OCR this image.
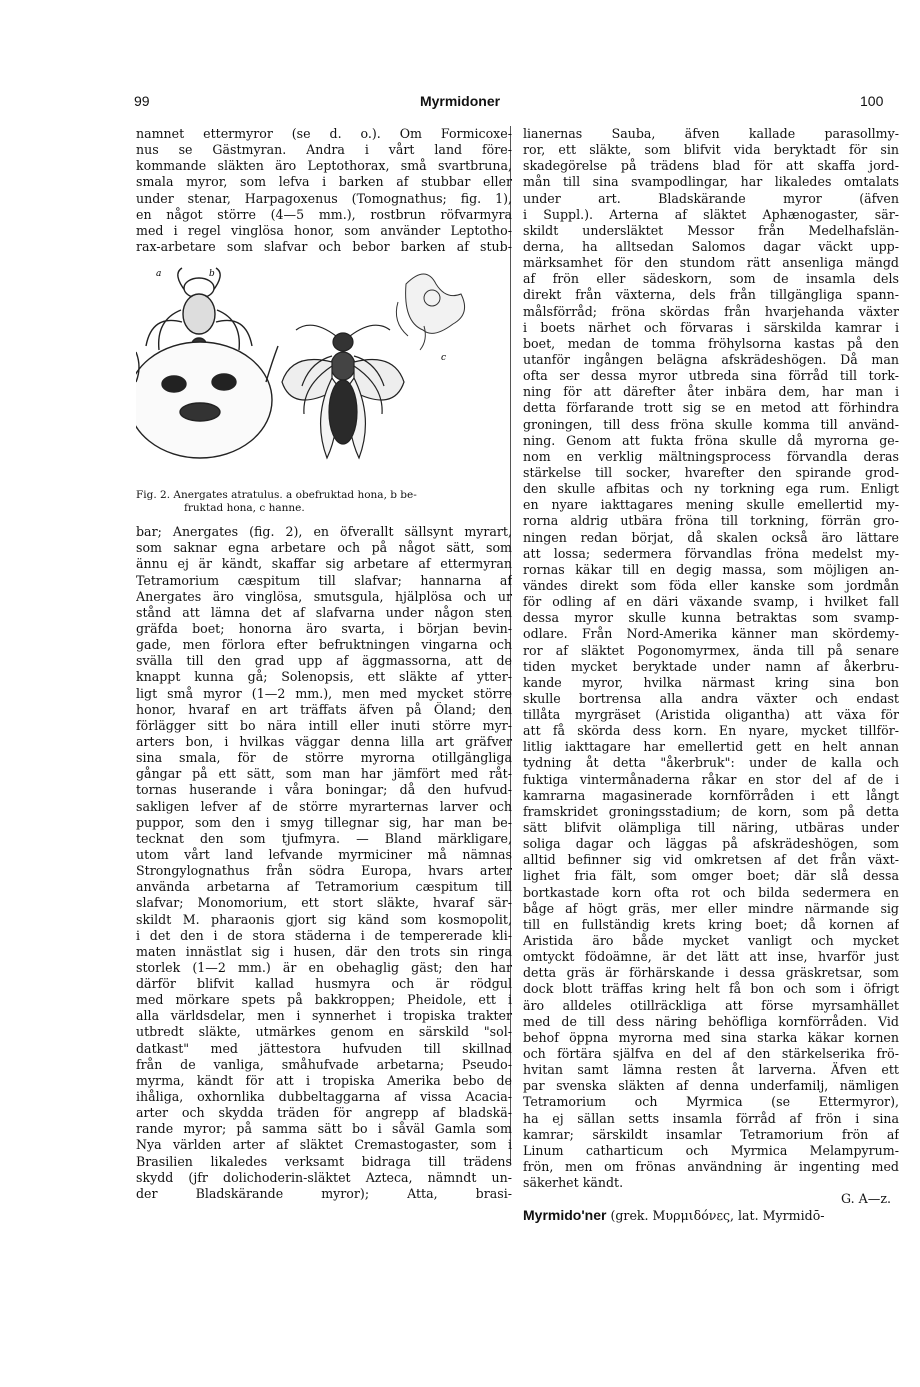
99	Myrmidoner	100
namnet ettermyror (se d. o.). Om Formicoxe-
nus se Gästmyran. Andra i vårt land före-
kommande släkten äro Leptothorax, små svartbruna,
smala myror, som lefva i barken af stubbar eller
under stenar, Harpagoxenus (Tomognathus; fig. 1),
en något större (4—5 mm.), rostbrun röfvarmyra
med i regel vinglösa honor, som använder Leptotho-
rax-arbetare som slafvar och bebor barken af stub-
a	b
c
Fig. 2. Anergates atratulus. a obefruktad hona, b be-
fruktad hona, c hanne.
bar; Anergates (fig. 2), en öfverallt sällsynt myrart,
som saknar egna arbetare och på något sätt, som
ännu ej är kändt, skaffar sig arbetare af ettermyran
Tetramorium cæspitum till slafvar; hannarna af
Anergates äro vinglösa, smutsgula, hjälplösa och ur
stånd att lämna det af slafvarna under någon sten
gräfda boet; honorna äro svarta, i början bevin-
gade, men förlora efter befruktningen vingarna och
svälla till den grad upp af äggmassorna, att de
knappt kunna gå; Solenopsis, ett släkte af ytter-
ligt små myror (1—2 mm.), men med mycket större
honor, hvaraf en art träffats äfven på Öland; den
förlägger sitt bo nära intill eller inuti större myr-
arters bon, i hvilkas väggar denna lilla art gräfver
sina smala, för de större myrorna otillgängliga
gångar på ett sätt, som man har jämfört med råt-
tornas huserande i våra boningar; då den hufvud-
sakligen lefver af de större myrarternas larver och
puppor, som den i smyg tillegnar sig, har man be-
tecknat den som tjufmyra. — Bland märkligare,
utom vårt land lefvande myrmiciner må nämnas
Strongylognathus från södra Europa, hvars arter
använda arbetarna af Tetramorium cæspitum till
slafvar; Monomorium, ett stort släkte, hvaraf sär-
skildt M. pharaonis gjort sig känd som kosmopolit,
i det den i de stora städerna i de tempererade kli-
maten innästlat sig i husen, där den trots sin ringa
storlek (1—2 mm.) är en obehaglig gäst; den har
därför blifvit kallad husmyra och är rödgul
med mörkare spets på bakkroppen; Pheidole, ett i
alla världsdelar, men i synnerhet i tropiska trakter
utbredt släkte, utmärkes genom en särskild "sol-
datkast" med jättestora hufvuden till skillnad
från de vanliga, småhufvade arbetarna; Pseudo-
myrma, kändt för att i tropiska Amerika bebo de
ihåliga, oxhornlika dubbeltaggarna af vissa Acacia-
arter och skydda träden för angrepp af bladskä-
rande myror; på samma sätt bo i såväl Gamla som
Nya världen arter af släktet Cremastogaster, som i
Brasilien likaledes verksamt bidraga till trädens
skydd (jfr dolichoderin-släktet Azteca, nämndt un-
der Bladskärande myror); Atta, brasi-
lianernas Sauba, äfven kallade parasollmy-
ror, ett släkte, som blifvit vida beryktadt för sin
skadegörelse på trädens blad för att skaffa jord-
mån till sina svampodlingar, har likaledes omtalats
under art. Bladskärande myror (äfven
i Suppl.). Arterna af släktet Aphænogaster, sär-
skildt undersläktet Messor från Medelhafslän-
derna, ha alltsedan Salomos dagar väckt upp-
märksamhet för den stundom rätt ansenliga mängd
af frön eller sädeskorn, som de insamla dels
direkt från växterna, dels från tillgängliga spann-
målsförråd; fröna skördas från hvarjehanda växter
i boets närhet och förvaras i särskilda kamrar i
boet, medan de tomma fröhylsorna kastas på den
utanför ingången belägna afskrädeshögen. Då man
ofta ser dessa myror utbreda sina förråd till tork-
ning för att därefter åter inbära dem, har man i
detta förfarande trott sig se en metod att förhindra
groningen, till dess fröna skulle komma till använd-
ning. Genom att fukta fröna skulle då myrorna ge-
nom en verklig mältningsprocess förvandla deras
stärkelse till socker, hvarefter den spirande grod-
den skulle afbitas och ny torkning ega rum. Enligt
en nyare iakttagares mening skulle emellertid my-
rorna aldrig utbära fröna till torkning, förrän gro-
ningen redan börjat, då skalen också äro lättare
att lossa; sedermera förvandlas fröna medelst my-
rornas käkar till en degig massa, som möjligen an-
vändes direkt som föda eller kanske som jordmån
för odling af en däri växande svamp, i hvilket fall
dessa myror skulle kunna betraktas som svamp-
odlare. Från Nord-Amerika känner man skördemy-
ror af släktet Pogonomyrmex, ända till på senare
tiden mycket beryktade under namn af åkerbru-
kande myror, hvilka närmast kring sina bon
skulle bortrensa alla andra växter och endast
tillåta myrgräset (Aristida oligantha) att växa för
att få skörda dess korn. En nyare, mycket tillför-
litlig iakttagare har emellertid gett en helt annan
tydning åt detta "åkerbruk": under de kalla och
fuktiga vintermånaderna råkar en stor del af de i
kamrarna magasinerade kornförråden i ett långt
framskridet groningsstadium; de korn, som på detta
sätt blifvit olämpliga till näring, utbäras under
soliga dagar och läggas på afskrädeshögen, som
alltid befinner sig vid omkretsen af det från växt-
lighet fria fält, som omger boet; där slå dessa
bortkastade korn ofta rot och bilda sedermera en
båge af högt gräs, mer eller mindre närmande sig
till en fullständig krets kring boet; då kornen af
Aristida äro både mycket vanligt och mycket
omtyckt födoämne, är det lätt att inse, hvarför just
detta gräs är förhärskande i dessa gräskretsar, som
dock blott träffas kring helt få bon och som i öfrigt
äro alldeles otillräckliga att förse myrsamhället
med de till dess näring behöfliga kornförråden. Vid
behof öppna myrorna med sina starka käkar kornen
och förtära själfva en del af den stärkelserika frö-
hvitan samt lämna resten åt larverna. Äfven ett
par svenska släkten af denna underfamilj, nämligen
Tetramorium och Myrmica (se Ettermyror),
ha ej sällan setts insamla förråd af frön i sina
kamrar; särskildt insamlar Tetramorium frön af
Linum catharticum och Myrmica Melampyrum-
frön, men om frönas användning är ingenting med
säkerhet kändt.
G. A—z.
Myrmido'ner (grek. Μυρμιδόνες, lat. Myrmidō-
